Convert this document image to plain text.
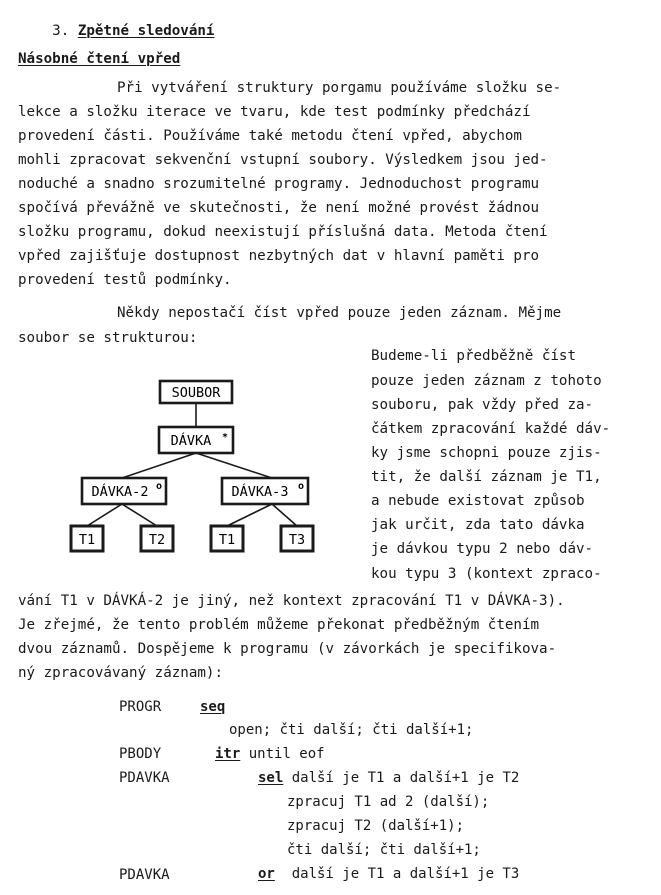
3. Zpětné sledování

Násobné čtení vpřed
Při vytváření struktury porgamu používáme složku se-
lekce a složku iterace ve tvaru, kde test podmínky předchází
provedení části. Používáme také metodu čtení vpřed, abychom
mohli zpracovat sekvenční vstupní soubory. Výsledkem jsou jed-
noduché a snadno srozumitelné programy. Jednoduchost programu
spočívá převážně ve skutečnosti, že není možné provést žádnou
složku programu, dokud neexistují příslušná data. Metoda čtení
vpřed zajišťuje dostupnost nezbytných dat v hlavní paměti pro
provedení testů podmínky.
Někdy nepostačí číst vpřed pouze jeden záznam. Mějme
soubor se strukturou:
SOUBOR
DÁVKA *
DÁVKA-2 o	DÁVKA-3 o
T1	T2	T1	T3
Budeme-li předběžně číst
pouze jeden záznam z tohoto
souboru, pak vždy před za-
čátkem zpracování každé dáv-
ky jsme schopni pouze zjis-
tit, že další záznam je T1,
a nebude existovat způsob
jak určit, zda tato dávka
je dávkou typu 2 nebo dáv-
kou typu 3 (kontext zpraco-
vání T1 v DÁVKÁ-2 je jiný, než kontext zpracování T1 v DÁVKA-3).
Je zřejmé, že tento problém můžeme překonat předběžným čtením
dvou záznamů. Dospějeme k programu (v závorkách je specifikova-
ný zpracovávaný záznam):
PROGR	seq
open; čti další; čti další+1;
PBODY	itr until eof
PDAVKA	sel další je T1 a další+1 je T2
zpracuj T1 ad 2 (další);
zpracuj T2 (další+1);
čti další; čti další+1;
PDAVKA	or další je T1 a další+1 je T3
